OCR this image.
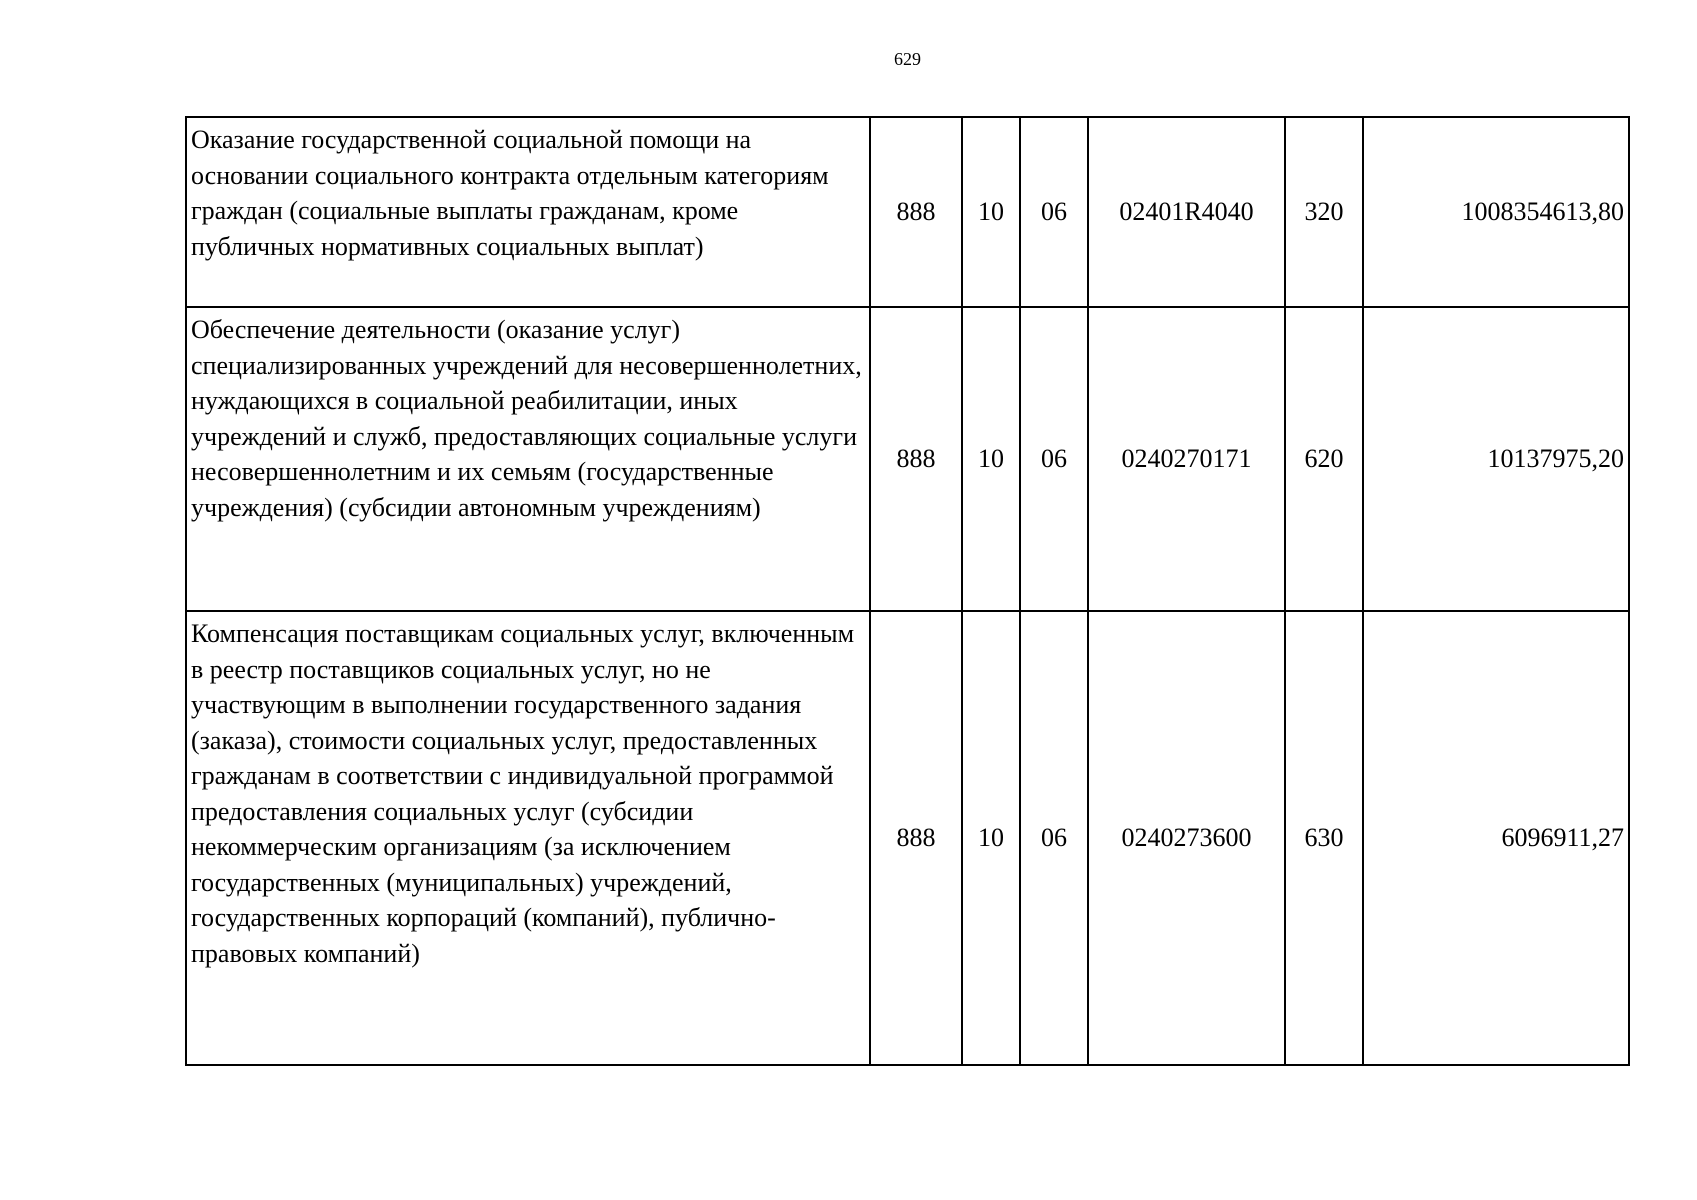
629
Оказание государственной социальной помощи на основании социального контракта отдельным категориям граждан (социальные выплаты гражданам, кроме публичных нормативных социальных выплат)	888	10	06	02401R4040	320	1008354613,80
Обеспечение деятельности (оказание услуг) специализированных учреждений для несовершеннолетних, нуждающихся в социальной реабилитации, иных учреждений и служб, предоставляющих социальные услуги несовершеннолетним и их семьям (государственные учреждения) (субсидии автономным учреждениям)	888	10	06	0240270171	620	10137975,20
Компенсация поставщикам социальных услуг, включенным в реестр поставщиков социальных услуг, но не участвующим в выполнении государственного задания (заказа), стоимости социальных услуг, предоставленных гражданам в соответствии с индивидуальной программой предоставления социальных услуг (субсидии некоммерческим организациям (за исключением государственных (муниципальных) учреждений, государственных корпораций (компаний), публично-правовых компаний)	888	10	06	0240273600	630	6096911,27
